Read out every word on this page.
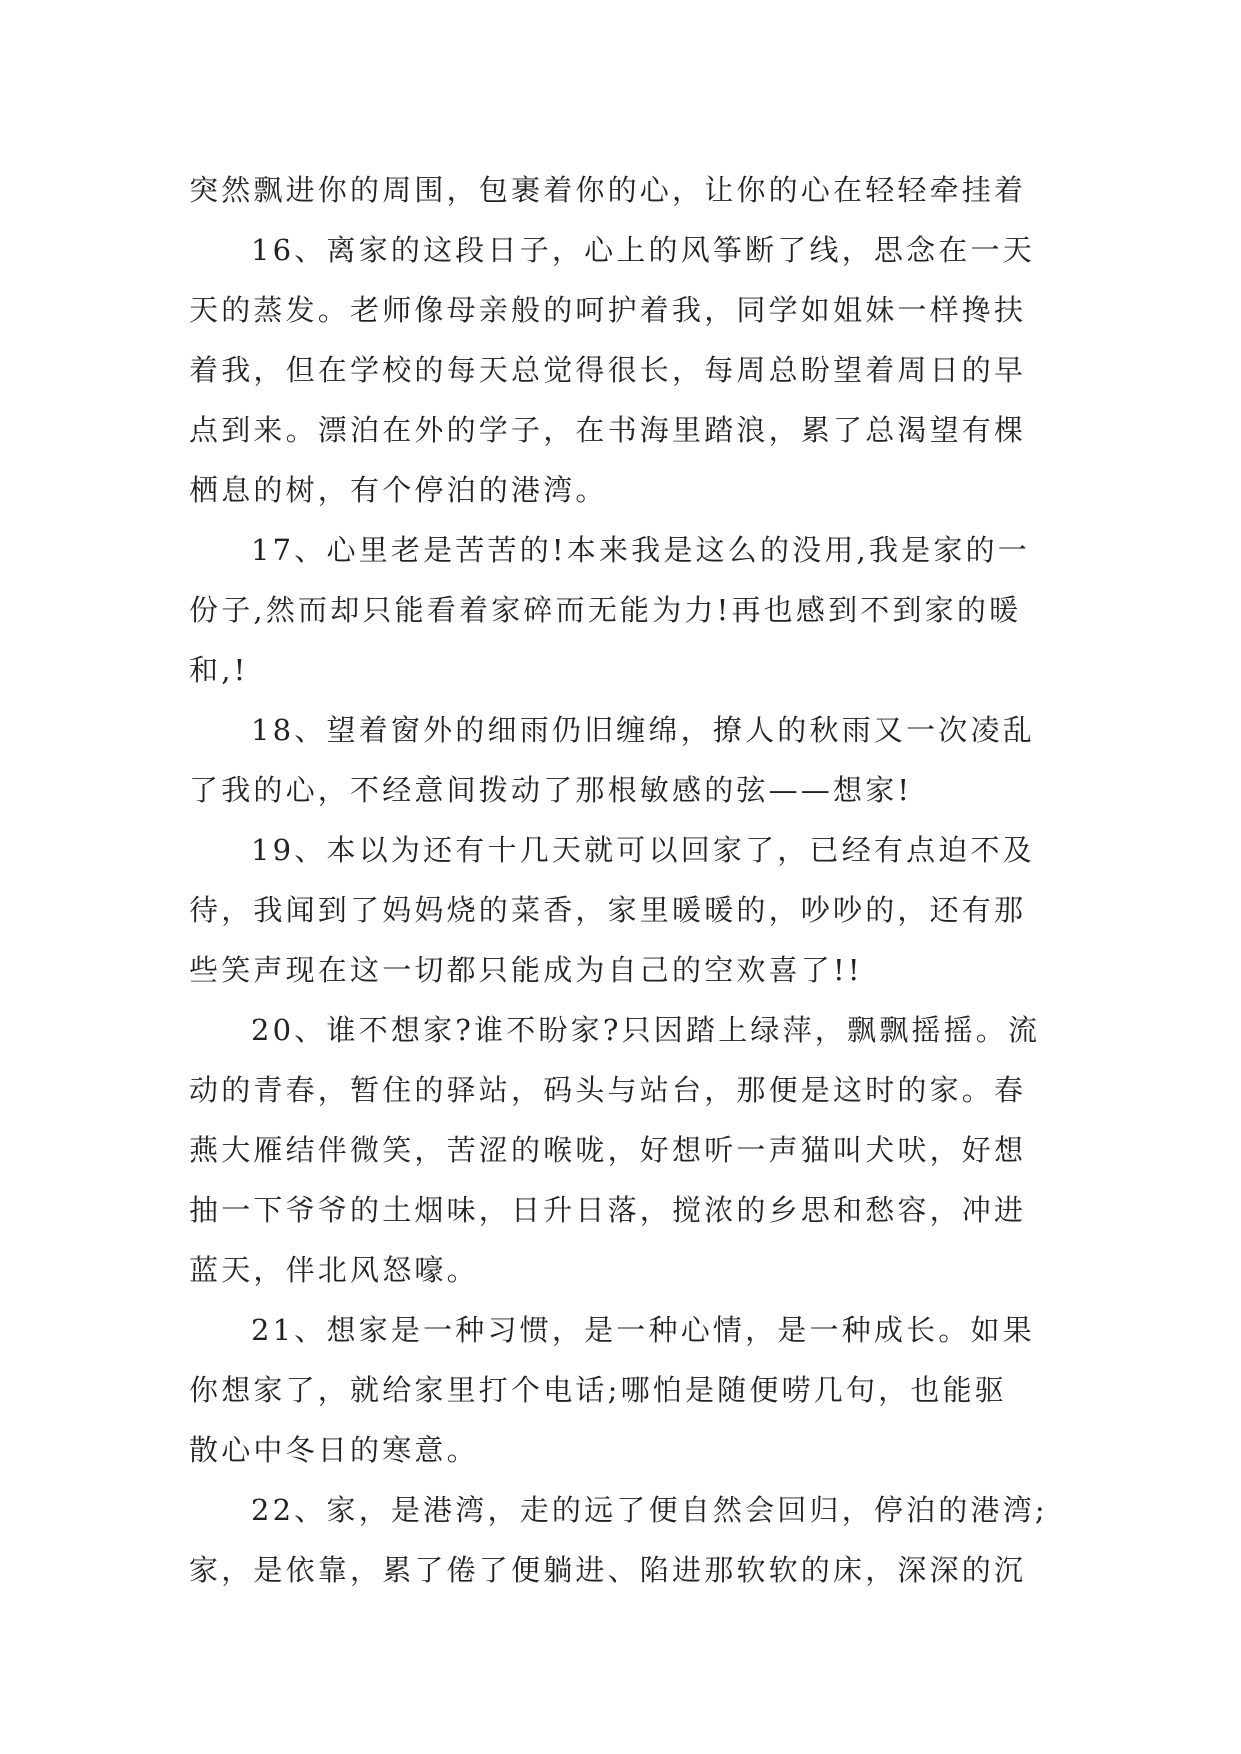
突然飘进你的周围，包裹着你的心，让你的心在轻轻牵挂着
16、离家的这段日子，心上的风筝断了线，思念在一天
天的蒸发。老师像母亲般的呵护着我，同学如姐妹一样搀扶
着我，但在学校的每天总觉得很长，每周总盼望着周日的早
点到来。漂泊在外的学子，在书海里踏浪，累了总渴望有棵
栖息的树，有个停泊的港湾。
17、心里老是苦苦的!本来我是这么的没用,我是家的一
份子,然而却只能看着家碎而无能为力!再也感到不到家的暖
和,!
18、望着窗外的细雨仍旧缠绵，撩人的秋雨又一次凌乱
了我的心，不经意间拨动了那根敏感的弦——想家!
19、本以为还有十几天就可以回家了，已经有点迫不及
待，我闻到了妈妈烧的菜香，家里暖暖的，吵吵的，还有那
些笑声现在这一切都只能成为自己的空欢喜了!!
20、谁不想家?谁不盼家?只因踏上绿萍，飘飘摇摇。流
动的青春，暂住的驿站，码头与站台，那便是这时的家。春
燕大雁结伴微笑，苦涩的喉咙，好想听一声猫叫犬吠，好想
抽一下爷爷的土烟味，日升日落，搅浓的乡思和愁容，冲进
蓝天，伴北风怒嚎。
21、想家是一种习惯，是一种心情，是一种成长。如果
你想家了，就给家里打个电话;哪怕是随便唠几句，也能驱
散心中冬日的寒意。
22、家，是港湾，走的远了便自然会回归，停泊的港湾;
家，是依靠，累了倦了便躺进、陷进那软软的床，深深的沉
